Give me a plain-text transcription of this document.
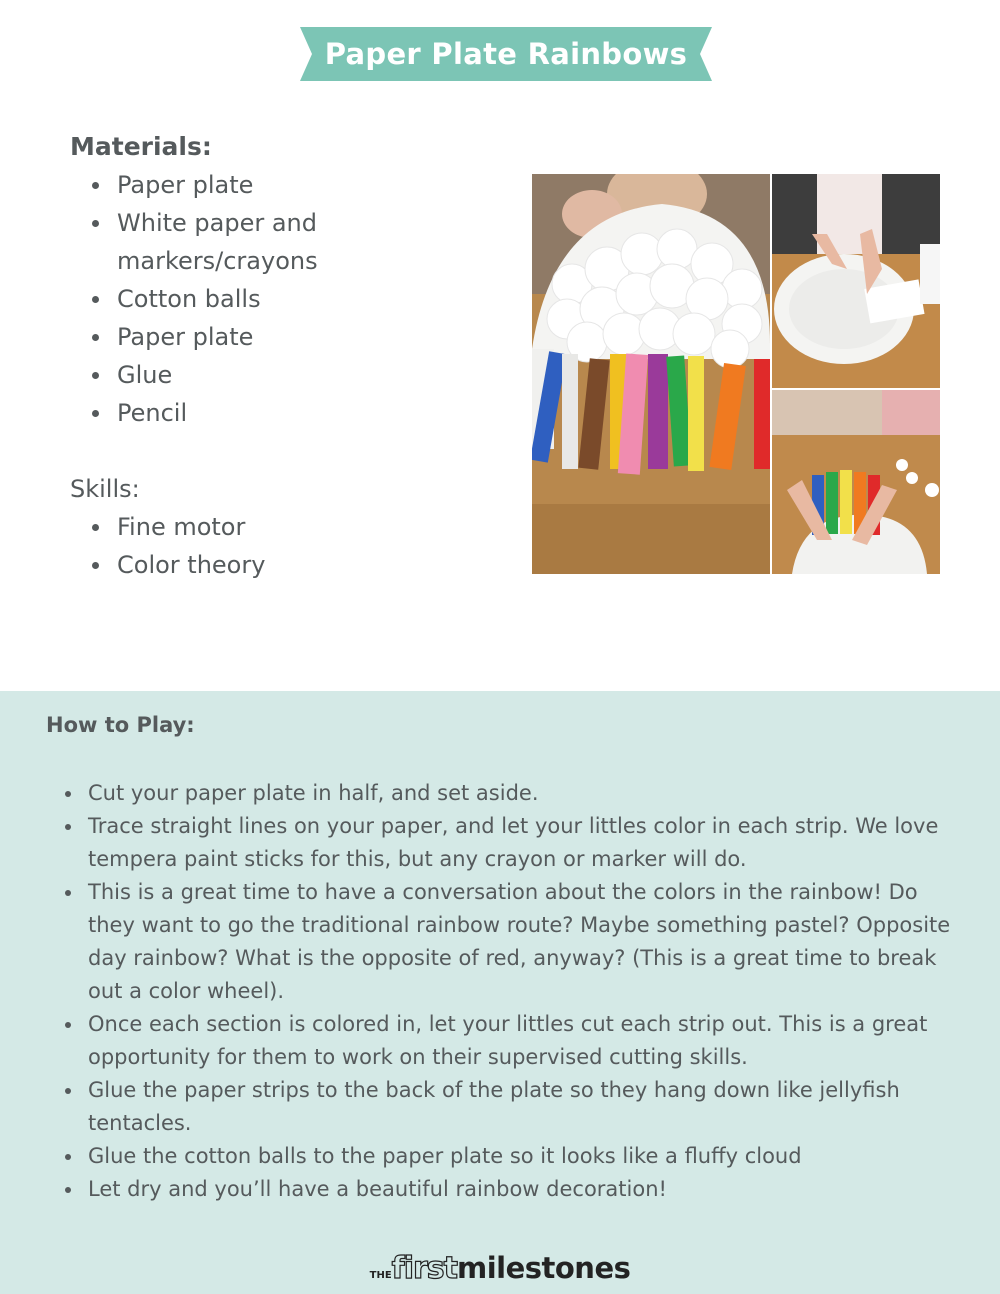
Paper Plate Rainbows

Materials:

Paper plate
White paper and markers/crayons
Cotton balls
Paper plate
Glue
Pencil

Skills:

Fine motor
Color theory

How to Play:

Cut your paper plate in half, and set aside.
Trace straight lines on your paper, and let your littles color in each strip. We love tempera paint sticks for this, but any crayon or marker will do.
This is a great time to have a conversation about the colors in the rainbow! Do they want to go the traditional rainbow route? Maybe something pastel? Opposite day rainbow? What is the opposite of red, anyway? (This is a great time to break out a color wheel).
Once each section is colored in, let your littles cut each strip out. This is a great opportunity for them to work on their supervised cutting skills.
Glue the paper strips to the back of the plate so they hang down like jellyfish tentacles.
Glue the cotton balls to the paper plate so it looks like a fluffy cloud
Let dry and you’ll have a beautiful rainbow decoration!
THEfirstmilestones
